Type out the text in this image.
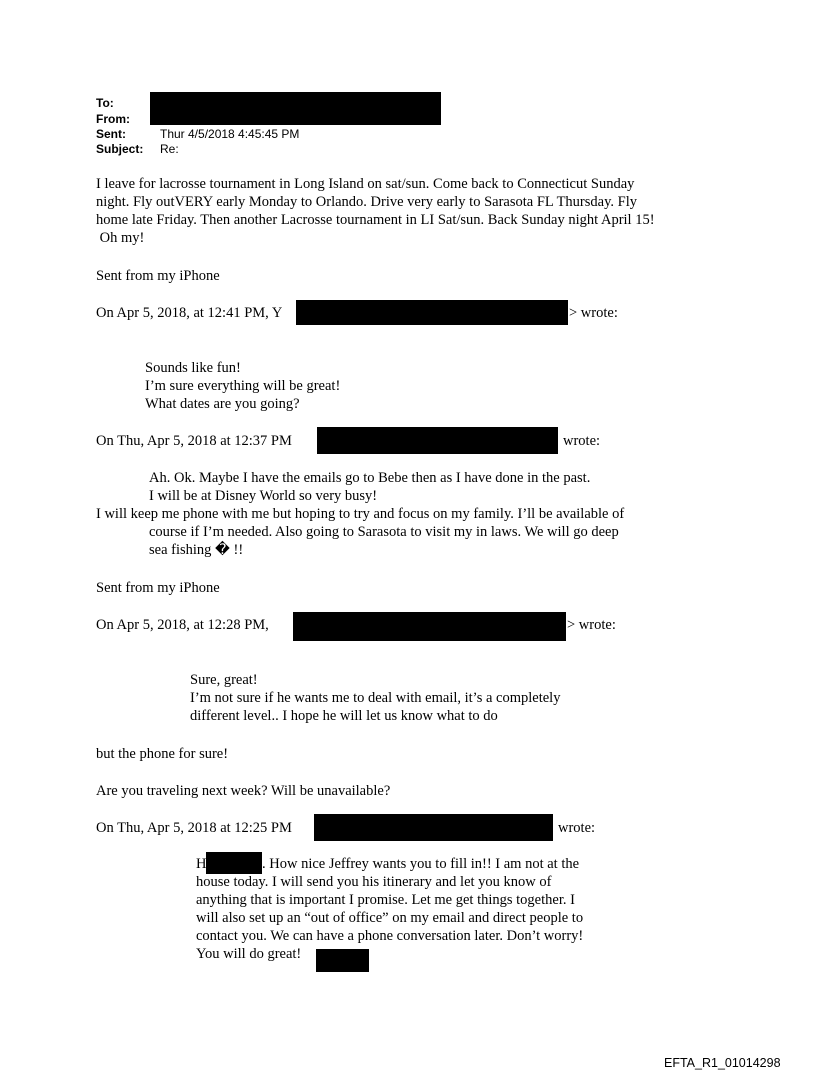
To:
From:
Sent:	Thur 4/5/2018 4:45:45 PM
Subject: Re:
I leave for lacrosse tournament in Long Island on sat/sun. Come back to Connecticut Sunday
night. Fly outVERY early Monday to Orlando. Drive very early to Sarasota FL Thursday. Fly
home late Friday. Then another Lacrosse tournament in LI Sat/sun. Back Sunday night April 15!
Oh my!
Sent from my iPhone
On Apr 5, 2018, at 12:41 PM, Y	> wrote:
Sounds like fun!
I’m sure everything will be great!
What dates are you going?
On Thu, Apr 5, 2018 at 12:37 PM	wrote:
Ah. Ok. Maybe I have the emails go to Bebe then as I have done in the past.
I will be at Disney World so very busy!
I will keep me phone with me but hoping to try and focus on my family. I’ll be available of
course if I’m needed. Also going to Sarasota to visit my in laws. We will go deep
sea fishing � !!
Sent from my iPhone
On Apr 5, 2018, at 12:28 PM,	> wrote:
Sure, great!
I’m not sure if he wants me to deal with email, it’s a completely
different level.. I hope he will let us know what to do
but the phone for sure!
Are you traveling next week? Will be unavailable?
On Thu, Apr 5, 2018 at 12:25 PM	wrote:
H	. How nice Jeffrey wants you to fill in!! I am not at the
house today. I will send you his itinerary and let you know of
anything that is important I promise. Let me get things together. I
will also set up an “out of office” on my email and direct people to
contact you. We can have a phone conversation later. Don’t worry!
You will do great!
EFTA_R1_01014298
